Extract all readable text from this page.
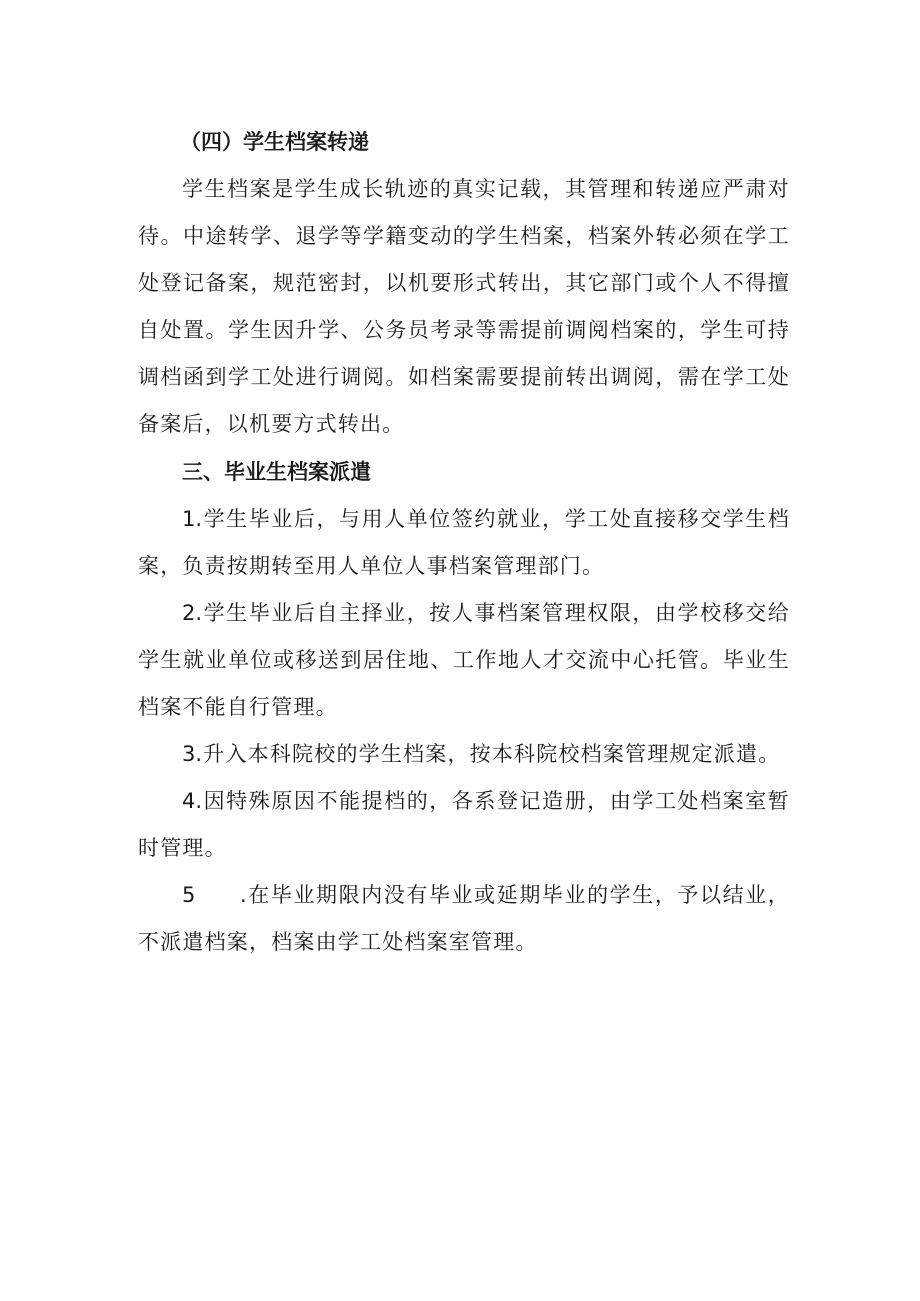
（四）学生档案转递

学生档案是学生成长轨迹的真实记载，其管理和转递应严肃对待。中途转学、退学等学籍变动的学生档案，档案外转必须在学工处登记备案，规范密封，以机要形式转出，其它部门或个人不得擅自处置。学生因升学、公务员考录等需提前调阅档案的，学生可持调档函到学工处进行调阅。如档案需要提前转出调阅，需在学工处备案后，以机要方式转出。

三、毕业生档案派遣

1.学生毕业后，与用人单位签约就业，学工处直接移交学生档案，负责按期转至用人单位人事档案管理部门。

2.学生毕业后自主择业，按人事档案管理权限，由学校移交给学生就业单位或移送到居住地、工作地人才交流中心托管。毕业生档案不能自行管理。

3.升入本科院校的学生档案，按本科院校档案管理规定派遣。

4.因特殊原因不能提档的，各系登记造册，由学工处档案室暂时管理。

5 .在毕业期限内没有毕业或延期毕业的学生，予以结业，不派遣档案，档案由学工处档案室管理。
